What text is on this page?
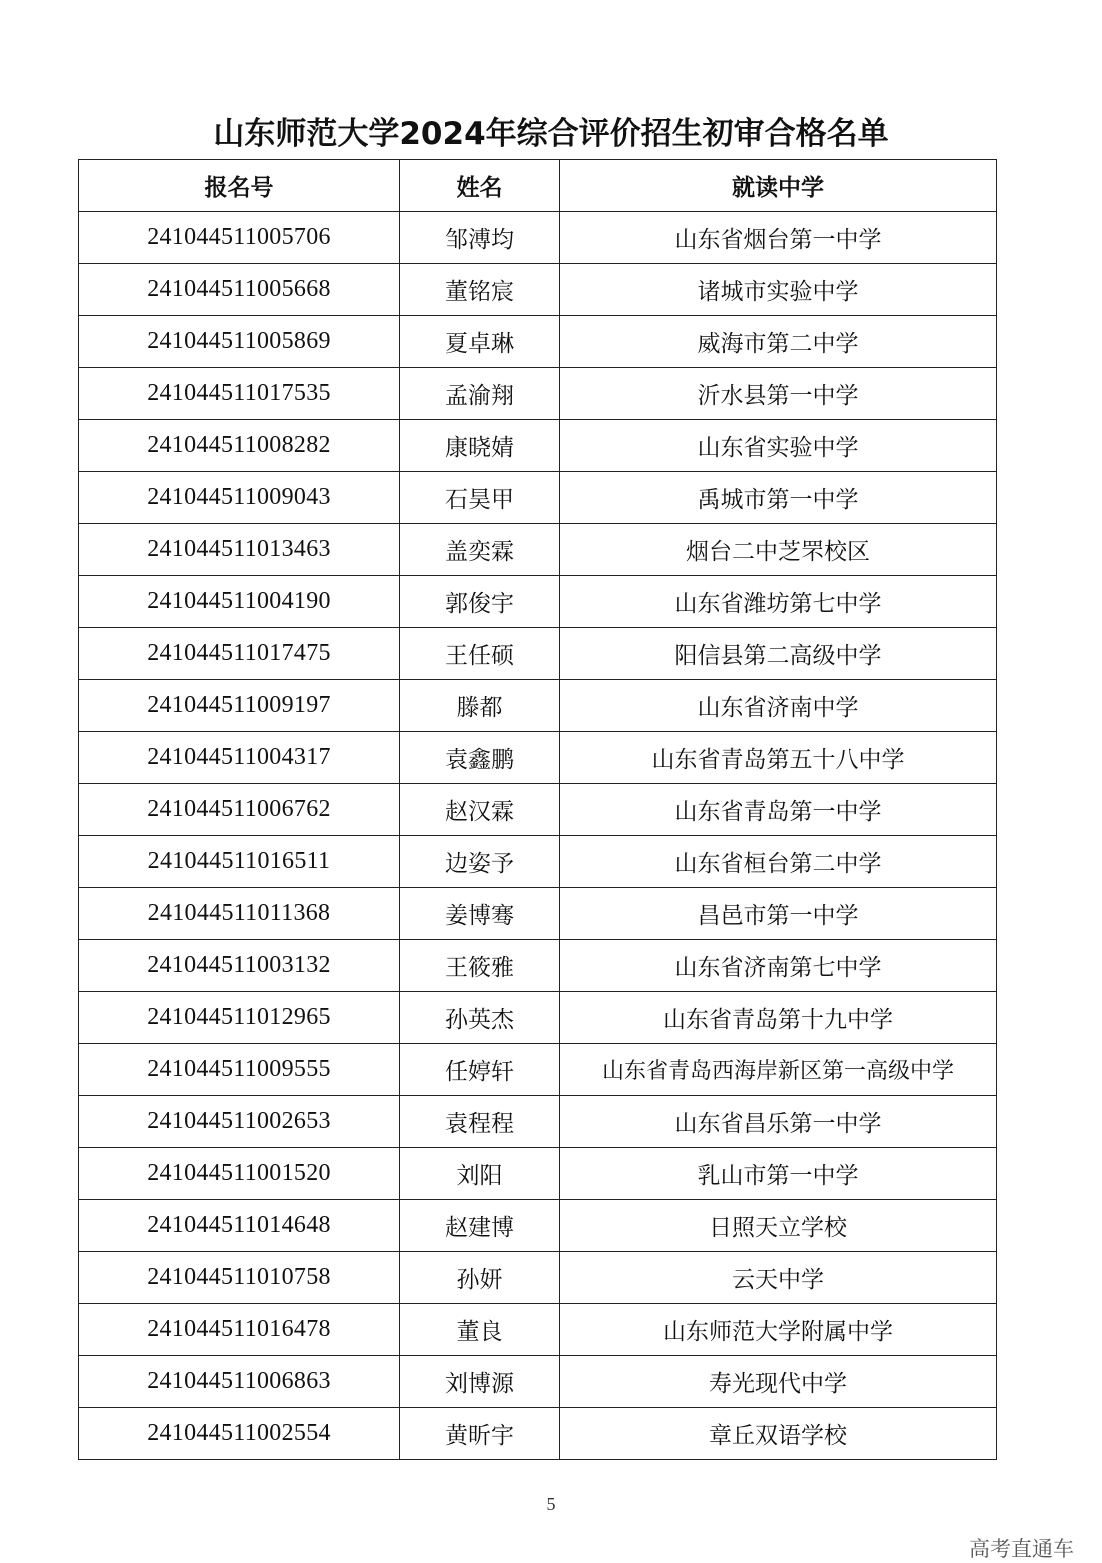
山东师范大学2024年综合评价招生初审合格名单
报名号	姓名	就读中学
241044511005706	邹溥均	山东省烟台第一中学
241044511005668	董铭宸	诸城市实验中学
241044511005869	夏卓琳	威海市第二中学
241044511017535	孟渝翔	沂水县第一中学
241044511008282	康晓婧	山东省实验中学
241044511009043	石昊甲	禹城市第一中学
241044511013463	盖奕霖	烟台二中芝罘校区
241044511004190	郭俊宇	山东省潍坊第七中学
241044511017475	王任硕	阳信县第二高级中学
241044511009197	滕都	山东省济南中学
241044511004317	袁鑫鹏	山东省青岛第五十八中学
241044511006762	赵汉霖	山东省青岛第一中学
241044511016511	边姿予	山东省桓台第二中学
241044511011368	姜博骞	昌邑市第一中学
241044511003132	王筱雅	山东省济南第七中学
241044511012965	孙英杰	山东省青岛第十九中学
241044511009555	任婷轩	山东省青岛西海岸新区第一高级中学
241044511002653	袁程程	山东省昌乐第一中学
241044511001520	刘阳	乳山市第一中学
241044511014648	赵建博	日照天立学校
241044511010758	孙妍	云天中学
241044511016478	董良	山东师范大学附属中学
241044511006863	刘博源	寿光现代中学
241044511002554	黄昕宇	章丘双语学校
5
高考直通车
